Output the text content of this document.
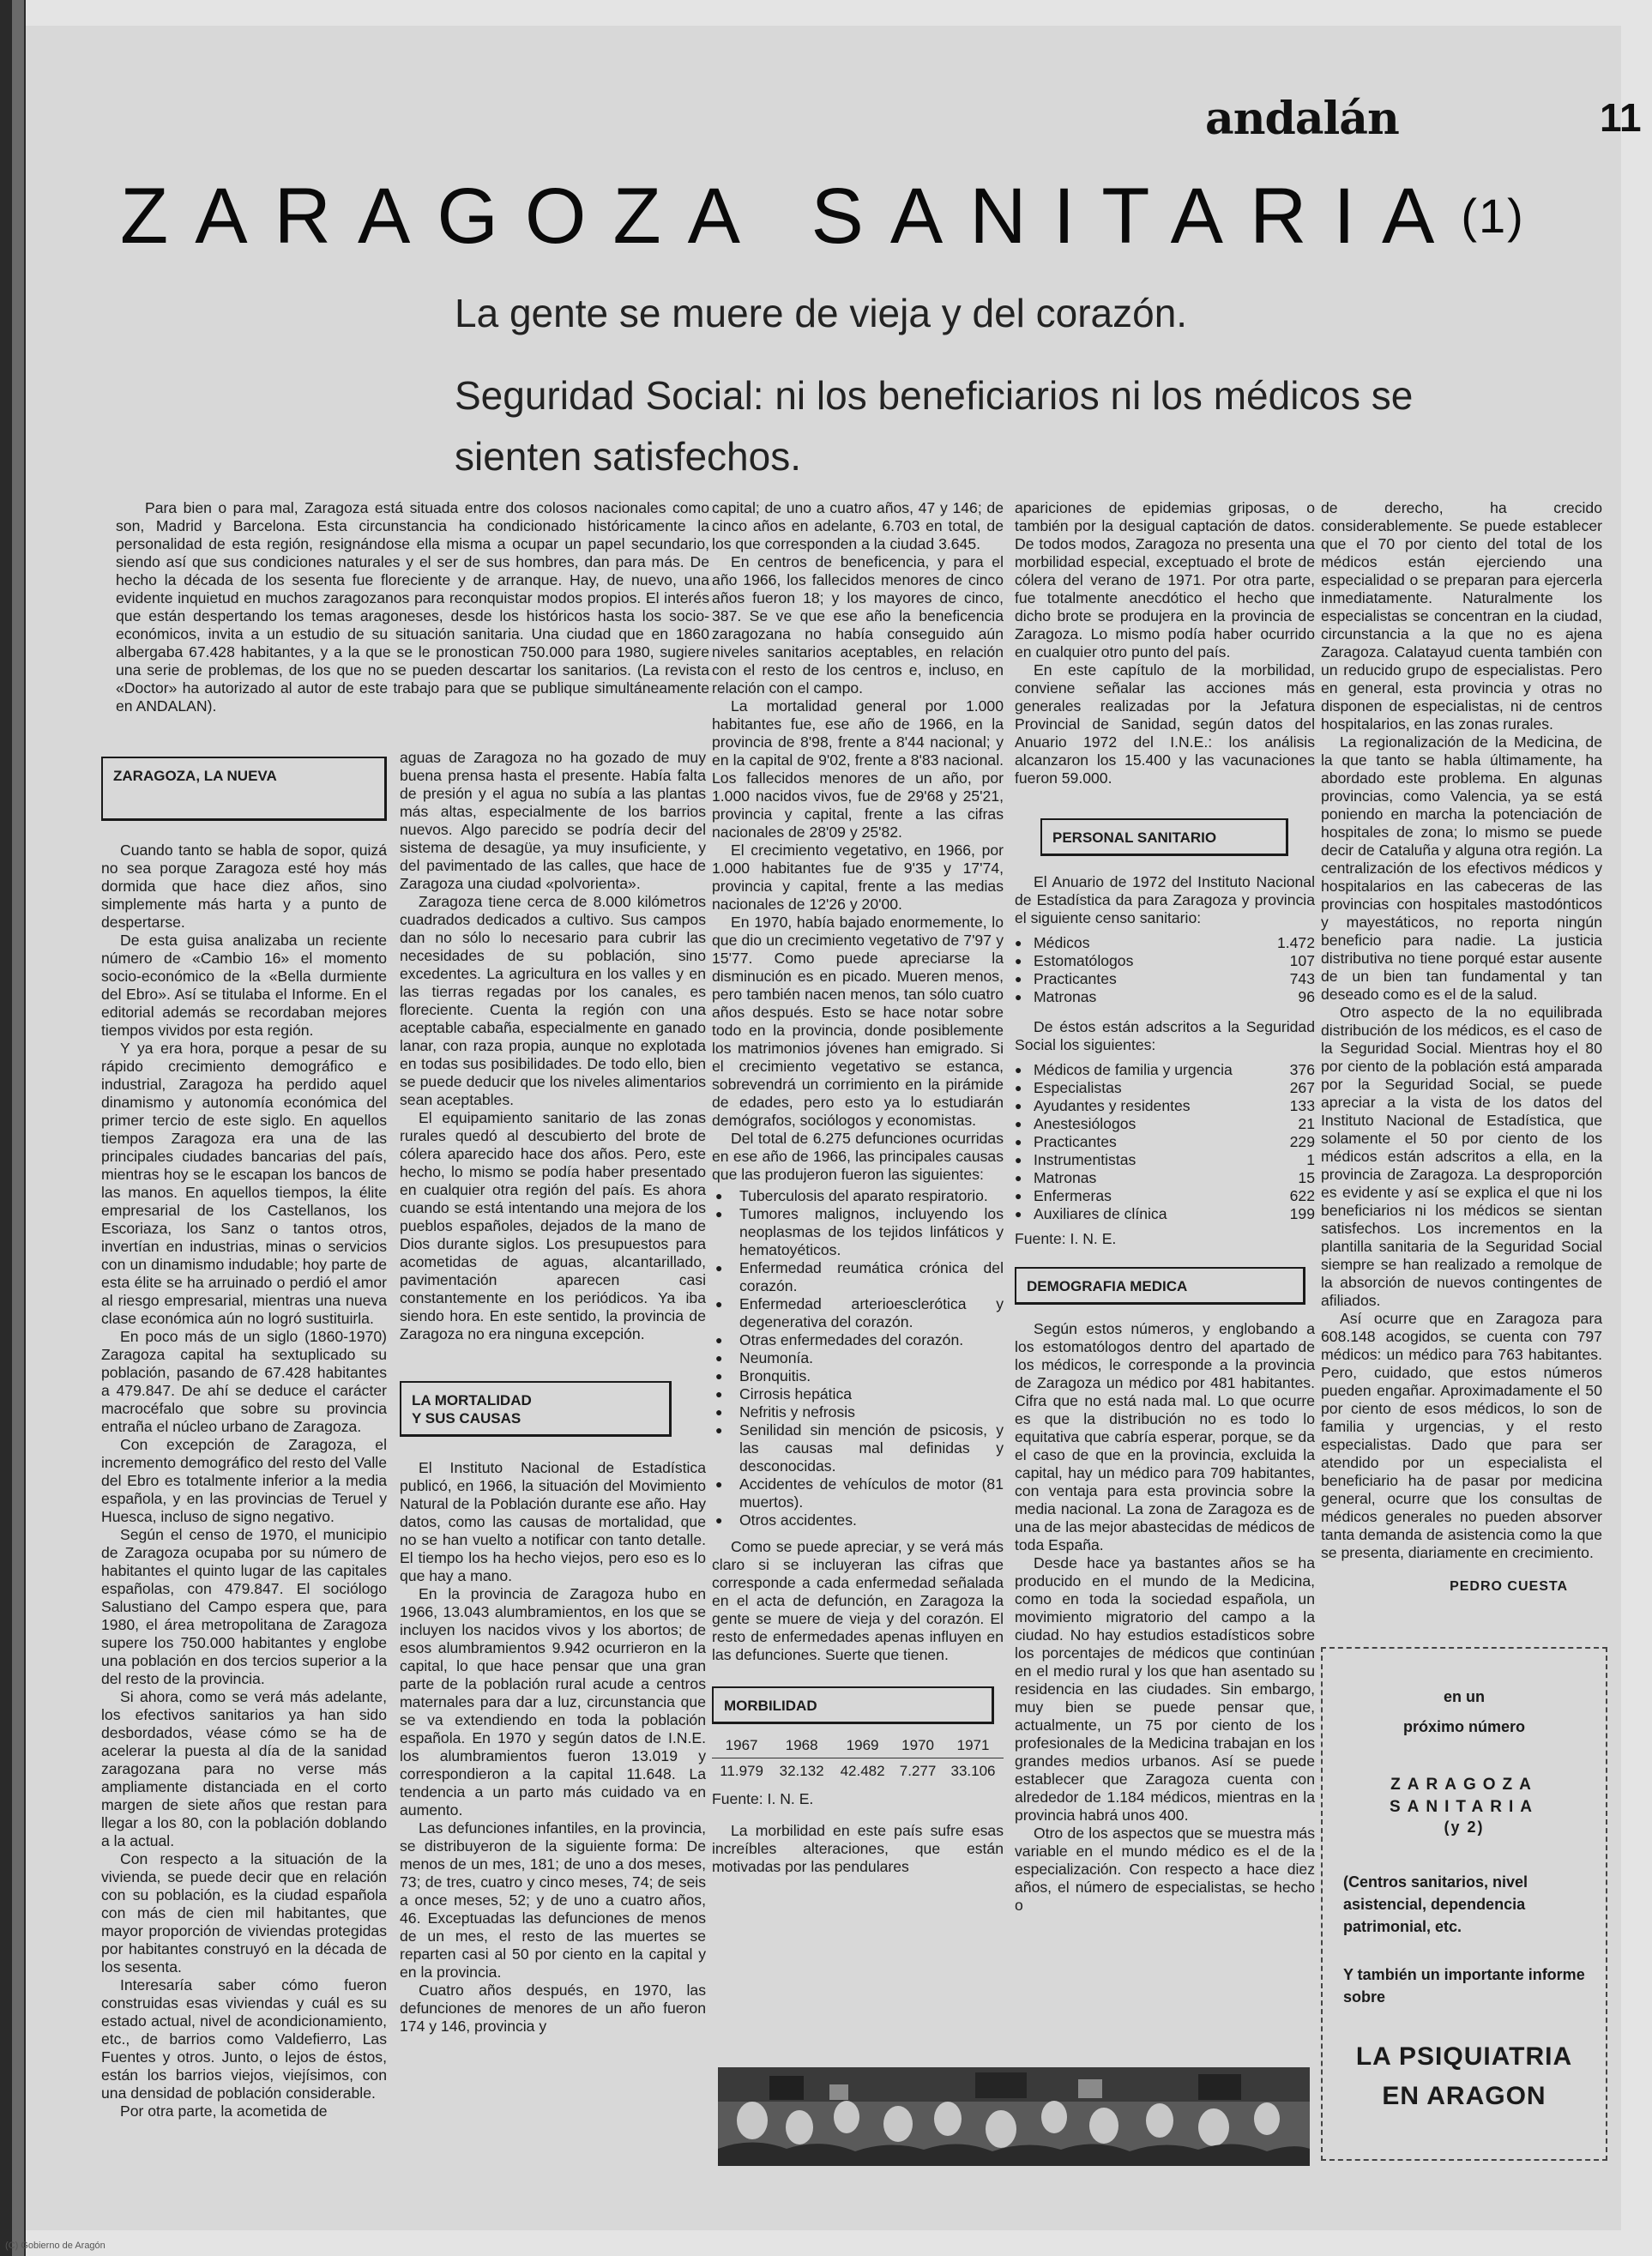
andalán	11
ZARAGOZA SANITARIA(1)
La gente se muere de vieja y del corazón.
Seguridad Social: ni los beneficiarios ni los médicos se
sienten satisfechos.
Para bien o para mal, Zaragoza está situada entre dos colosos nacionales como son, Madrid y Barcelona. Esta circunstancia ha condicionado históricamente la personalidad de esta región, resignándose ella misma a ocupar un papel secundario, siendo así que sus condiciones naturales y el ser de sus hombres, dan para más. De hecho la década de los sesenta fue floreciente y de arranque. Hay, de nuevo, una evidente inquietud en muchos zaragozanos para reconquistar modos propios. El interés que están despertando los temas aragoneses, desde los históricos hasta los socio-económicos, invita a un estudio de su situación sanitaria. Una ciudad que en 1860 albergaba 67.428 habitantes, y a la que se le pronostican 750.000 para 1980, sugiere una serie de problemas, de los que no se pueden descartar los sanitarios. (La revista «Doctor» ha autorizado al autor de este trabajo para que se publique simultáneamente en ANDALAN).
ZARAGOZA, LA NUEVA

Cuando tanto se habla de sopor, quizá no sea porque Zaragoza esté hoy más dormida que hace diez años, sino simplemente más harta y a punto de despertarse.

De esta guisa analizaba un reciente número de «Cambio 16» el momento socio-económico de la «Bella durmiente del Ebro». Así se titulaba el Informe. En el editorial además se recordaban mejores tiempos vividos por esta región.

Y ya era hora, porque a pesar de su rápido crecimiento demográfico e industrial, Zaragoza ha perdido aquel dinamismo y autonomía económica del primer tercio de este siglo. En aquellos tiempos Zaragoza era una de las principales ciudades bancarias del país, mientras hoy se le escapan los bancos de las manos. En aquellos tiempos, la élite empresarial de los Castellanos, los Escoriaza, los Sanz o tantos otros, invertían en industrias, minas o servicios con un dinamismo indudable; hoy parte de esta élite se ha arruinado o perdió el amor al riesgo empresarial, mientras una nueva clase económica aún no logró sustituirla.

En poco más de un siglo (1860-1970) Zaragoza capital ha sextuplicado su población, pasando de 67.428 habitantes a 479.847. De ahí se deduce el carácter macrocéfalo que sobre su provincia entraña el núcleo urbano de Zaragoza.

Con excepción de Zaragoza, el incremento demográfico del resto del Valle del Ebro es totalmente inferior a la media española, y en las provincias de Teruel y Huesca, incluso de signo negativo.

Según el censo de 1970, el municipio de Zaragoza ocupaba por su número de habitantes el quinto lugar de las capitales españolas, con 479.847. El sociólogo Salustiano del Campo espera que, para 1980, el área metropolitana de Zaragoza supere los 750.000 habitantes y englobe una población en dos tercios superior a la del resto de la provincia.

Si ahora, como se verá más adelante, los efectivos sanitarios ya han sido desbordados, véase cómo se ha de acelerar la puesta al día de la sanidad zaragozana para no verse más ampliamente distanciada en el corto margen de siete años que restan para llegar a los 80, con la población doblando a la actual.

Con respecto a la situación de la vivienda, se puede decir que en relación con su población, es la ciudad española con más de cien mil habitantes, que mayor proporción de viviendas protegidas por habitantes construyó en la década de los sesenta.

Interesaría saber cómo fueron construidas esas viviendas y cuál es su estado actual, nivel de acondicionamiento, etc., de barrios como Valdefierro, Las Fuentes y otros. Junto, o lejos de éstos, están los barrios viejos, viejísimos, con una densidad de población considerable.

Por otra parte, la acometida de

aguas de Zaragoza no ha gozado de muy buena prensa hasta el presente. Había falta de presión y el agua no subía a las plantas más altas, especialmente de los barrios nuevos. Algo parecido se podría decir del sistema de desagüe, ya muy insuficiente, y del pavimentado de las calles, que hace de Zaragoza una ciudad «polvorienta».

Zaragoza tiene cerca de 8.000 kilómetros cuadrados dedicados a cultivo. Sus campos dan no sólo lo necesario para cubrir las necesidades de su población, sino excedentes. La agricultura en los valles y en las tierras regadas por los canales, es floreciente. Cuenta la región con una aceptable cabaña, especialmente en ganado lanar, con raza propia, aunque no explotada en todas sus posibilidades. De todo ello, bien se puede deducir que los niveles alimentarios sean aceptables.

El equipamiento sanitario de las zonas rurales quedó al descubierto del brote de cólera aparecido hace dos años. Pero, este hecho, lo mismo se podía haber presentado en cualquier otra región del país. Es ahora cuando se está intentando una mejora de los pueblos españoles, dejados de la mano de Dios durante siglos. Los presupuestos para acometidas de aguas, alcantarillado, pavimentación aparecen casi constantemente en los periódicos. Ya iba siendo hora. En este sentido, la provincia de Zaragoza no era ninguna excepción.

LA MORTALIDAD
Y SUS CAUSAS

El Instituto Nacional de Estadística publicó, en 1966, la situación del Movimiento Natural de la Población durante ese año. Hay datos, como las causas de mortalidad, que no se han vuelto a notificar con tanto detalle. El tiempo los ha hecho viejos, pero eso es lo que hay a mano.

En la provincia de Zaragoza hubo en 1966, 13.043 alumbramientos, en los que se incluyen los nacidos vivos y los abortos; de esos alumbramientos 9.942 ocurrieron en la capital, lo que hace pensar que una gran parte de la población rural acude a centros maternales para dar a luz, circunstancia que se va extendiendo en toda la población española. En 1970 y según datos de I.N.E. los alumbramientos fueron 13.019 y correspondieron a la capital 11.648. La tendencia a un parto más cuidado va en aumento.

Las defunciones infantiles, en la provincia, se distribuyeron de la siguiente forma: De menos de un mes, 181; de uno a dos meses, 73; de tres, cuatro y cinco meses, 74; de seis a once meses, 52; y de uno a cuatro años, 46. Exceptuadas las defunciones de menos de un mes, el resto de las muertes se reparten casi al 50 por ciento en la capital y en la provincia.

Cuatro años después, en 1970, las defunciones de menores de un año fueron 174 y 146, provincia y

capital; de uno a cuatro años, 47 y 146; de cinco años en adelante, 6.703 en total, de los que corresponden a la ciudad 3.645.

En centros de beneficencia, y para el año 1966, los fallecidos menores de cinco años fueron 18; y los mayores de cinco, 387. Se ve que ese año la beneficencia zaragozana no había conseguido aún niveles sanitarios aceptables, en relación con el resto de los centros e, incluso, en relación con el campo.

La mortalidad general por 1.000 habitantes fue, ese año de 1966, en la provincia de 8'98, frente a 8'44 nacional; y en la capital de 9'02, frente a 8'83 nacional. Los fallecidos menores de un año, por 1.000 nacidos vivos, fue de 29'68 y 25'21, provincia y capital, frente a las cifras nacionales de 28'09 y 25'82.

El crecimiento vegetativo, en 1966, por 1.000 habitantes fue de 9'35 y 17'74, provincia y capital, frente a las medias nacionales de 12'26 y 20'00.

En 1970, había bajado enormemente, lo que dio un crecimiento vegetativo de 7'97 y 15'77. Como puede apreciarse la disminución es en picado. Mueren menos, pero también nacen menos, tan sólo cuatro años después. Esto se hace notar sobre todo en la provincia, donde posiblemente los matrimonios jóvenes han emigrado. Si el crecimiento vegetativo se estanca, sobrevendrá un corrimiento en la pirámide de edades, pero esto ya lo estudiarán demógrafos, sociólogos y economistas.

Del total de 6.275 defunciones ocurridas en ese año de 1966, las principales causas que las produjeron fueron las siguientes:

● Tuberculosis del aparato respiratorio.
● Tumores malignos, incluyendo los neoplasmas de los tejidos linfáticos y hematoyéticos.
● Enfermedad reumática crónica del corazón.
● Enfermedad arterioesclerótica y degenerativa del corazón.
● Otras enfermedades del corazón.
● Neumonía.
● Bronquitis.
● Cirrosis hepática
● Nefritis y nefrosis
● Senilidad sin mención de psicosis, y las causas mal definidas y desconocidas.
● Accidentes de vehículos de motor (81 muertos).
● Otros accidentes.

Como se puede apreciar, y se verá más claro si se incluyeran las cifras que corresponde a cada enfermedad señalada en el acta de defunción, en Zaragoza la gente se muere de vieja y del corazón. El resto de enfermedades apenas influyen en las defunciones. Suerte que tienen.

MORBILIDAD
1967	1968	1969	1970	1971
11.979	32.132	42.482	7.277	33.106
Fuente: I. N. E.

La morbilidad en este país sufre esas increíbles alteraciones, que están motivadas por las pendulares

apariciones de epidemias griposas, o también por la desigual captación de datos. De todos modos, Zaragoza no presenta una morbilidad especial, exceptuado el brote de cólera del verano de 1971. Por otra parte, fue totalmente anecdótico el hecho que dicho brote se produjera en la provincia de Zaragoza. Lo mismo podía haber ocurrido en cualquier otro punto del país.

En este capítulo de la morbilidad, conviene señalar las acciones más generales realizadas por la Jefatura Provincial de Sanidad, según datos del Anuario 1972 del I.N.E.: los análisis alcanzaron los 15.400 y las vacunaciones fueron 59.000.

PERSONAL SANITARIO

El Anuario de 1972 del Instituto Nacional de Estadística da para Zaragoza y provincia el siguiente censo sanitario:

●	Médicos	1.472
●	Estomatólogos	107
●	Practicantes	743
●	Matronas	96

De éstos están adscritos a la Seguridad Social los siguientes:

●	Médicos de familia y urgencia	376
●	Especialistas	267
●	Ayudantes y residentes	133
●	Anestesiólogos	21
●	Practicantes	229
●	Instrumentistas	1
●	Matronas	15
●	Enfermeras	622
●	Auxiliares de clínica	199
Fuente: I. N. E.
DEMOGRAFIA MEDICA

Según estos números, y englobando a los estomatólogos dentro del apartado de los médicos, le corresponde a la provincia de Zaragoza un médico por 481 habitantes. Cifra que no está nada mal. Lo que ocurre es que la distribución no es todo lo equitativa que cabría esperar, porque, se da el caso de que en la provincia, excluida la capital, hay un médico para 709 habitantes, con ventaja para esta provincia sobre la media nacional. La zona de Zaragoza es de una de las mejor abastecidas de médicos de toda España.

Desde hace ya bastantes años se ha producido en el mundo de la Medicina, como en toda la sociedad española, un movimiento migratorio del campo a la ciudad. No hay estudios estadísticos sobre los porcentajes de médicos que continúan en el medio rural y los que han asentado su residencia en las ciudades. Sin embargo, muy bien se puede pensar que, actualmente, un 75 por ciento de los profesionales de la Medicina trabajan en los grandes medios urbanos. Así se puede establecer que Zaragoza cuenta con alrededor de 1.184 médicos, mientras en la provincia habrá unos 400.

Otro de los aspectos que se muestra más variable en el mundo médico es el de la especialización. Con respecto a hace diez años, el número de especialistas, se hecho o

de derecho, ha crecido considerablemente. Se puede establecer que el 70 por ciento del total de los médicos están ejerciendo una especialidad o se preparan para ejercerla inmediatamente. Naturalmente los especialistas se concentran en la ciudad, circunstancia a la que no es ajena Zaragoza. Calatayud cuenta también con un reducido grupo de especialistas. Pero en general, esta provincia y otras no disponen de especialistas, ni de centros hospitalarios, en las zonas rurales.

La regionalización de la Medicina, de la que tanto se habla últimamente, ha abordado este problema. En algunas provincias, como Valencia, ya se está poniendo en marcha la potenciación de hospitales de zona; lo mismo se puede decir de Cataluña y alguna otra región. La centralización de los efectivos médicos y hospitalarios en las cabeceras de las provincias con hospitales mastodónticos y mayestáticos, no reporta ningún beneficio para nadie. La justicia distributiva no tiene porqué estar ausente de un bien tan fundamental y tan deseado como es el de la salud.

Otro aspecto de la no equilibrada distribución de los médicos, es el caso de la Seguridad Social. Mientras hoy el 80 por ciento de la población está amparada por la Seguridad Social, se puede apreciar a la vista de los datos del Instituto Nacional de Estadística, que solamente el 50 por ciento de los médicos están adscritos a ella, en la provincia de Zaragoza. La desproporción es evidente y así se explica el que ni los beneficiarios ni los médicos se sientan satisfechos. Los incrementos en la plantilla sanitaria de la Seguridad Social siempre se han realizado a remolque de la absorción de nuevos contingentes de afiliados.

Así ocurre que en Zaragoza para 608.148 acogidos, se cuenta con 797 médicos: un médico para 763 habitantes. Pero, cuidado, que estos números pueden engañar. Aproximadamente el 50 por ciento de esos médicos, lo son de familia y urgencias, y el resto especialistas. Dado que para ser atendido por un especialista el beneficiario ha de pasar por medicina general, ocurre que los consultas de médicos generales no pueden absorver tanta demanda de asistencia como la que se presenta, diariamente en crecimiento.

PEDRO CUESTA
en un
próximo número
ZARAGOZA
SANITARIA
(y 2)
(Centros sanitarios, nivel asistencial, dependencia patrimonial, etc.
Y también un importante informe sobre
LA PSIQUIATRIA
EN ARAGON
(C) Gobierno de Aragón
